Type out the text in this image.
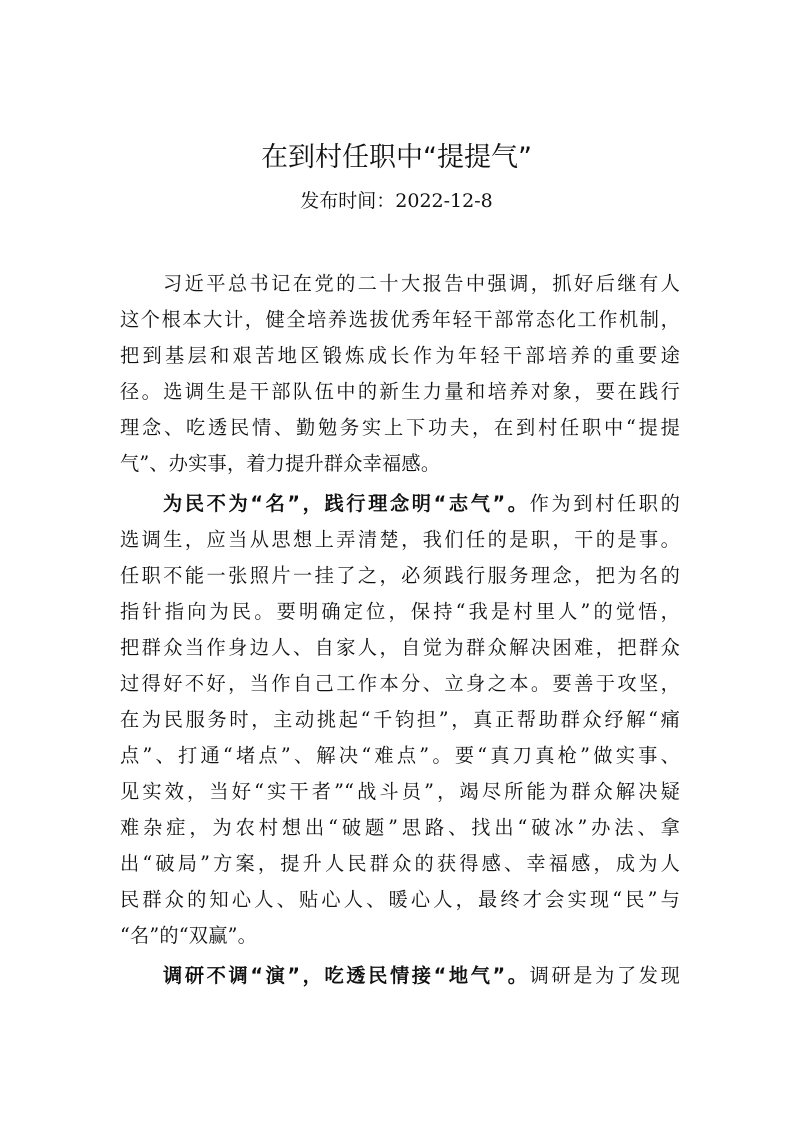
在到村任职中“提提气”
发布时间：2022-12-8
习近平总书记在党的二十大报告中强调，抓好后继有人
这个根本大计，健全培养选拔优秀年轻干部常态化工作机制，
把到基层和艰苦地区锻炼成长作为年轻干部培养的重要途
径。选调生是干部队伍中的新生力量和培养对象，要在践行
理念、吃透民情、勤勉务实上下功夫，在到村任职中“提提
气”、办实事，着力提升群众幸福感。
为民不为“名”，践行理念明“志气”。作为到村任职的
选调生，应当从思想上弄清楚，我们任的是职，干的是事。
任职不能一张照片一挂了之，必须践行服务理念，把为名的
指针指向为民。要明确定位，保持“我是村里人”的觉悟，
把群众当作身边人、自家人，自觉为群众解决困难，把群众
过得好不好，当作自己工作本分、立身之本。要善于攻坚，
在为民服务时，主动挑起“千钧担”，真正帮助群众纾解“痛
点”、打通“堵点”、解决“难点”。要“真刀真枪”做实事、
见实效，当好“实干者”“战斗员”，竭尽所能为群众解决疑
难杂症，为农村想出“破题”思路、找出“破冰”办法、拿
出“破局”方案，提升人民群众的获得感、幸福感，成为人
民群众的知心人、贴心人、暖心人，最终才会实现“民”与
“名”的“双赢”。
调研不调“演”，吃透民情接“地气”。调研是为了发现
